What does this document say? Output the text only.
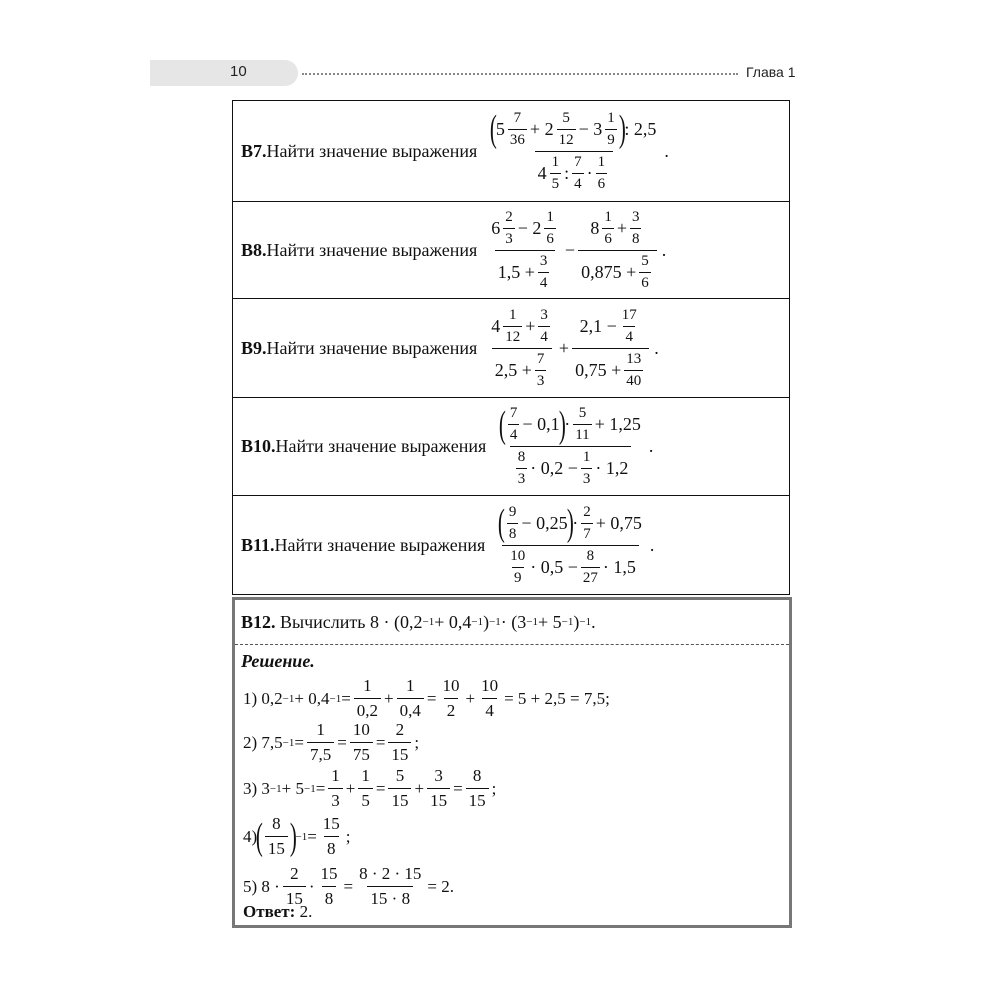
10	Глава 1
B7. Найти значение выражения (
$5 \frac{7}{36} + 2 \frac{5}{12} - 3 \frac{1}{9}$ )
: 2,5
$4 \frac{1}{5}$ : $\frac{7}{4} \cdot \frac{1}{6}$ .
B8. Найти значение выражения $\frac{6 \frac{2}{3} - 2 \frac{1}{6}}{1,5 + \frac{3}{4}} - \frac{8 \frac{1}{6} + \frac{3}{8}}{0,875 + \frac{5}{6}}$ .
B9. Найти значение выражения $\frac{4 \frac{1}{12} + \frac{3}{4}}{2,5 + \frac{7}{3}} + \frac{2,1 - \frac{17}{4}}{0,75 + \frac{13}{40}}$ .
B10. Найти значение выражения ( $\frac{7}{4} - 0,1$
)
· $\frac{5}{11} + 1,25$
$\frac{8}{3} \cdot 0,2 - \frac{1}{3} \cdot 1,2$ .
B11. Найти значение выражения ( $\frac{9}{8} - 0,25$
)
· $\frac{2}{7} + 0,75$
$\frac{10}{9} \cdot 0,5 - \frac{8}{27} \cdot 1,5$ .
B12.
Вычислить
8 · (0,2 −1 + 0,4 −1 ) −1 · (3 −1 + 5 −1 ) −1 .
Решение.
1) $0,2 -1 + 0,4 -1 = \frac{1}{0,2} + \frac{1}{0,4} = \frac{10}{2} + \frac{10}{4} = 5 + 2,5 = 7,5$;
2) $7,5 -1 = \frac{1}{7,5} = \frac{10}{75} = \frac{2}{15}$ ;
3) $3 -1 + 5 -1 = \frac{1}{3} + \frac{1}{5} = \frac{5}{15} + \frac{3}{15} = \frac{8}{15}$ ;
4)
( $\frac{8}{15}$ )
$-1 = \frac{15}{8}$ ;
5) $8 \cdot \frac{2}{15} \cdot \frac{15}{8} = \frac{8 \cdot 2 \cdot 15}{15 \cdot 8} = 2$.
Ответ: 2.
